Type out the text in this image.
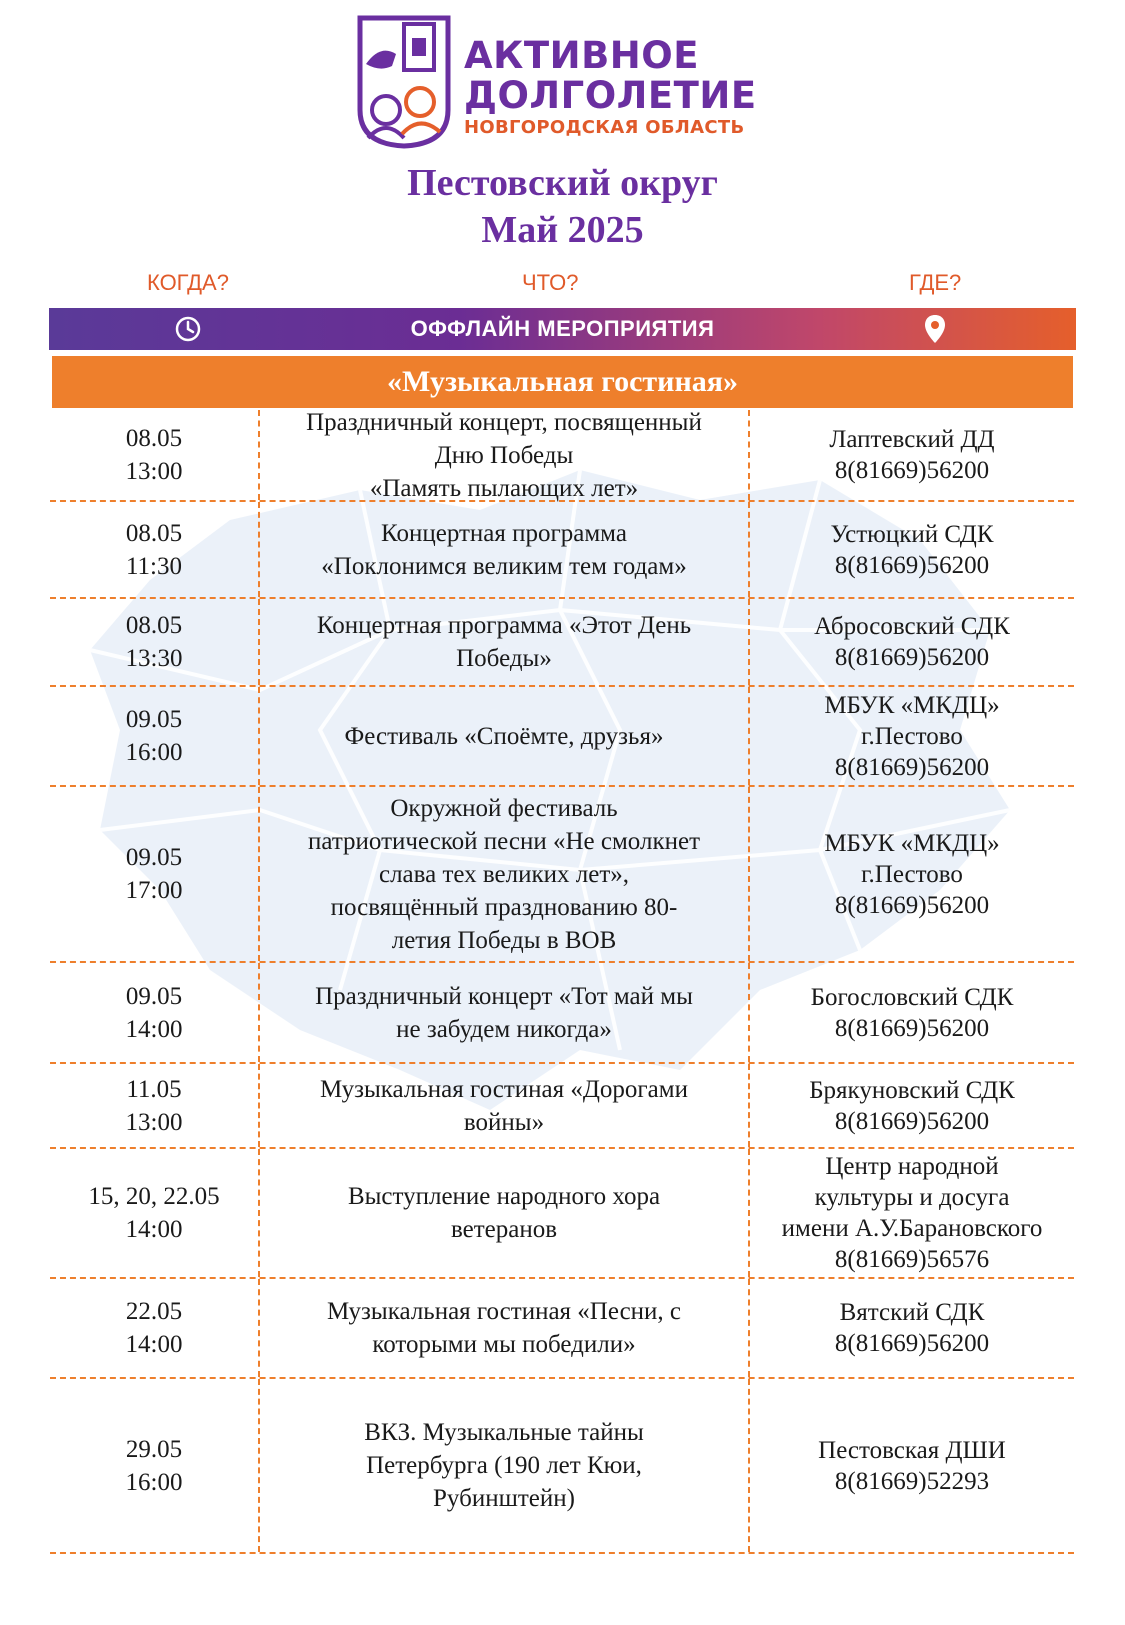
АКТИВНОЕ
ДОЛГОЛЕТИЕ
НОВГОРОДСКАЯ ОБЛАСТЬ
Пестовский округ
Май 2025
КОГДА?	ЧТО?	ГДЕ?
ОФФЛАЙН МЕРОПРИЯТИЯ
«Музыкальная гостиная»
08.05
13:00
Праздничный концерт, посвященный
Дню Победы
«Память пылающих лет»
Лаптевский ДД
8(81669)56200
08.05
11:30
Концертная программа
«Поклонимся великим тем годам»
Устюцкий СДК
8(81669)56200
08.05
13:30
Концертная программа «Этот День
Победы»
Абросовский СДК
8(81669)56200
09.05
16:00
Фестиваль «Споёмте, друзья»
МБУК «МКДЦ»
г.Пестово
8(81669)56200
09.05
17:00
Окружной фестиваль
патриотической песни «Не смолкнет
слава тех великих лет»,
посвящённый празднованию 80-
летия Победы в ВОВ
МБУК «МКДЦ»
г.Пестово
8(81669)56200
09.05
14:00
Праздничный концерт «Тот май мы
не забудем никогда»
Богословский СДК
8(81669)56200
11.05
13:00
Музыкальная гостиная «Дорогами
войны»
Брякуновский СДК
8(81669)56200
15, 20, 22.05
14:00
Выступление народного хора
ветеранов
Центр народной
культуры и досуга
имени А.У.Барановского
8(81669)56576
22.05
14:00
Музыкальная гостиная «Песни, с
которыми мы победили»
Вятский СДК
8(81669)56200
29.05
16:00
ВКЗ. Музыкальные тайны
Петербурга (190 лет Кюи,
Рубинштейн)
Пестовская ДШИ
8(81669)52293
